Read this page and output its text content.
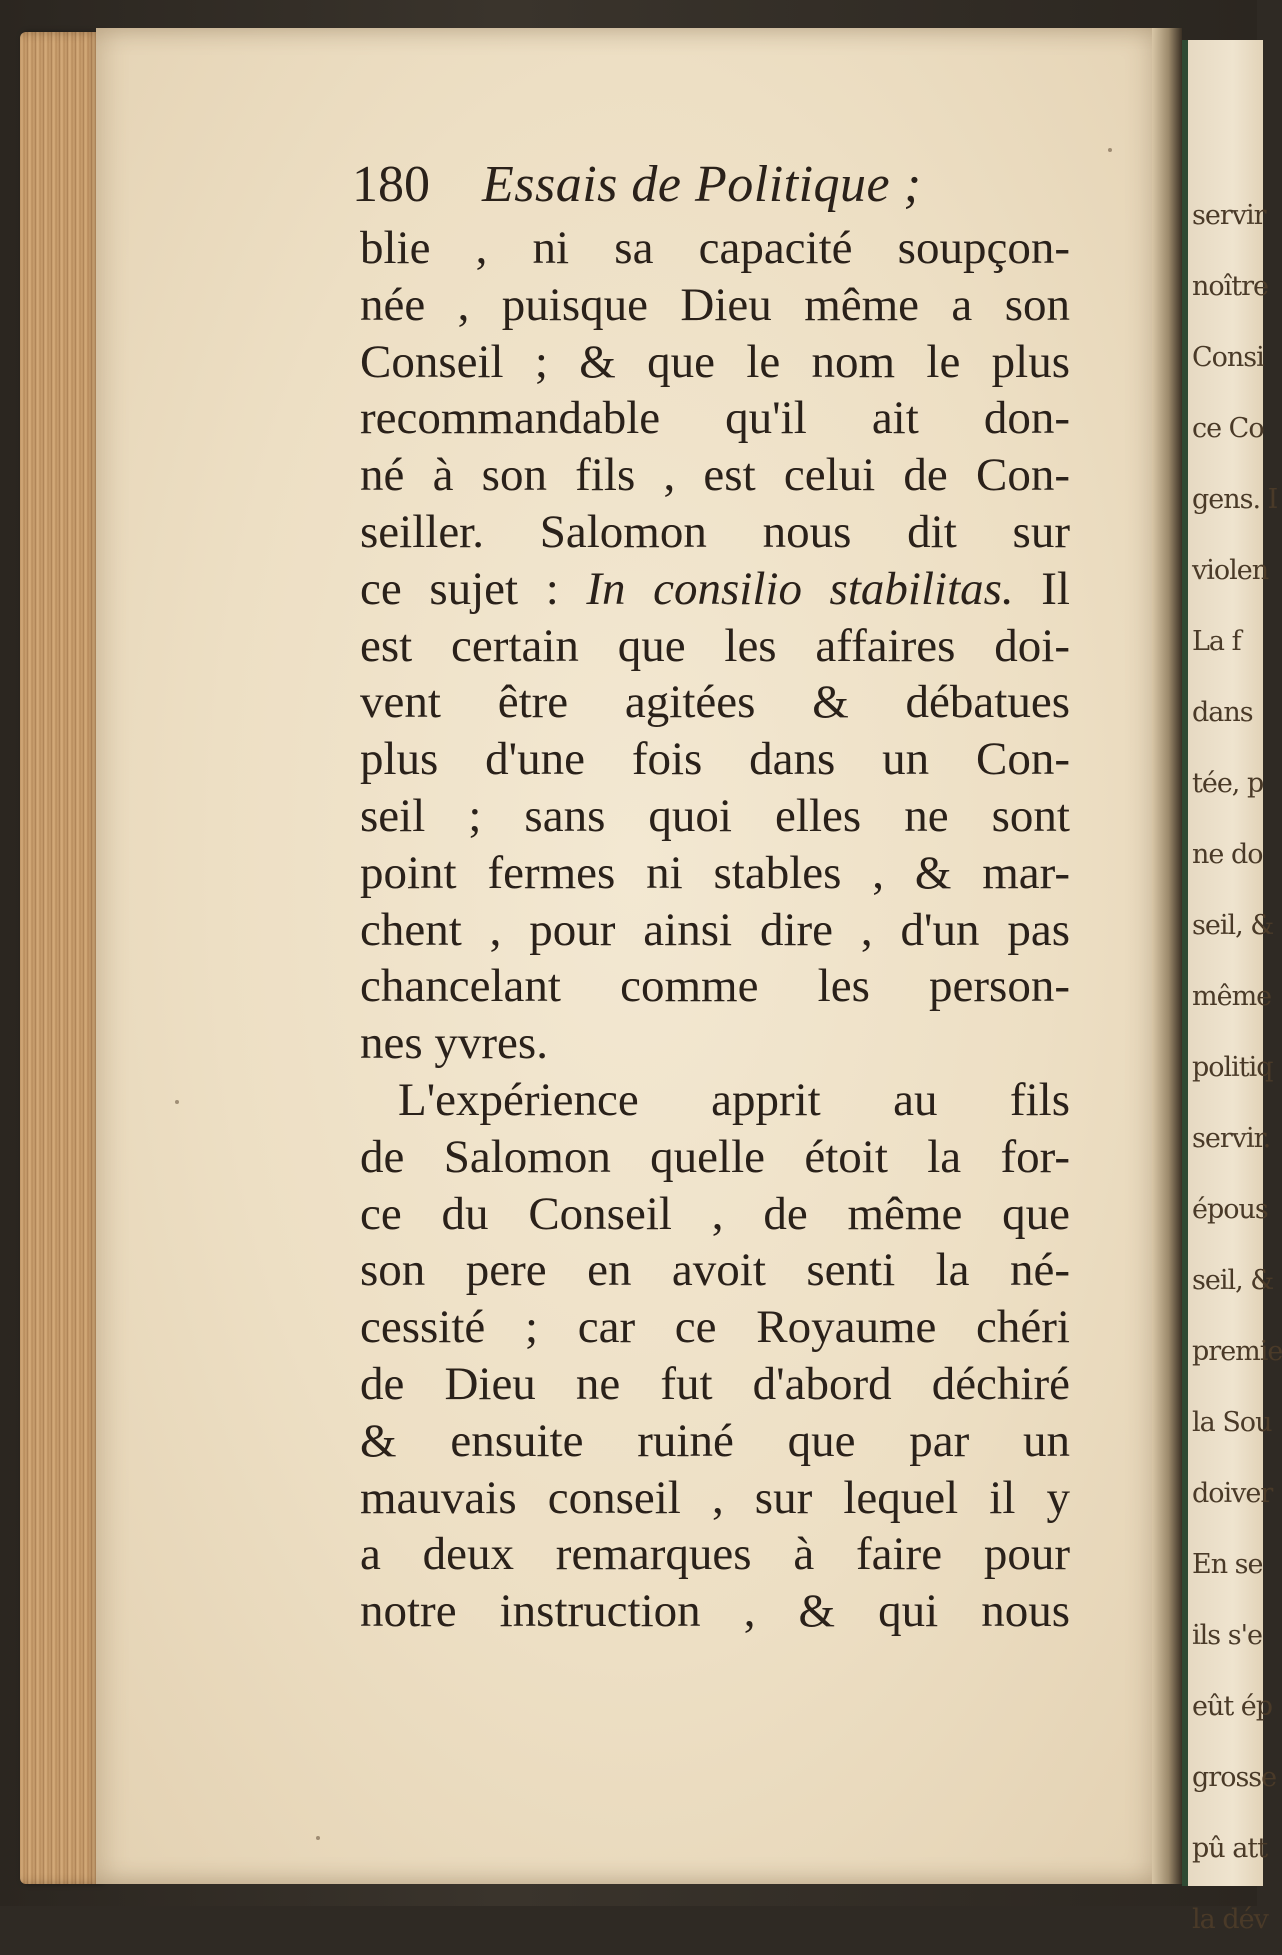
servir
noître
Consi
ce Co
gens. I
violen
La f
dans
tée, p
ne do
seil, &
même
politiq
servir.
épous
seil, &
premie
la Sou
doiver
En se
ils s'e
eût ép
grosse
pû att
la dév
180	Essais de Politique ;
blie , ni sa capacité soupçon-
née , puisque Dieu même a son
Conseil ; & que le nom le plus
recommandable qu'il ait don-
né à son fils , est celui de Con-
seiller. Salomon nous dit sur
ce sujet : In consilio stabilitas. Il
est certain que les affaires doi-
vent être agitées & débatues
plus d'une fois dans un Con-
seil ; sans quoi elles ne sont
point fermes ni stables , & mar-
chent , pour ainsi dire , d'un pas
chancelant comme les person-
nes yvres.
L'expérience apprit au fils
de Salomon quelle étoit la for-
ce du Conseil , de même que
son pere en avoit senti la né-
cessité ; car ce Royaume chéri
de Dieu ne fut d'abord déchiré
& ensuite ruiné que par un
mauvais conseil , sur lequel il y
a deux remarques à faire pour
notre instruction , & qui nous
